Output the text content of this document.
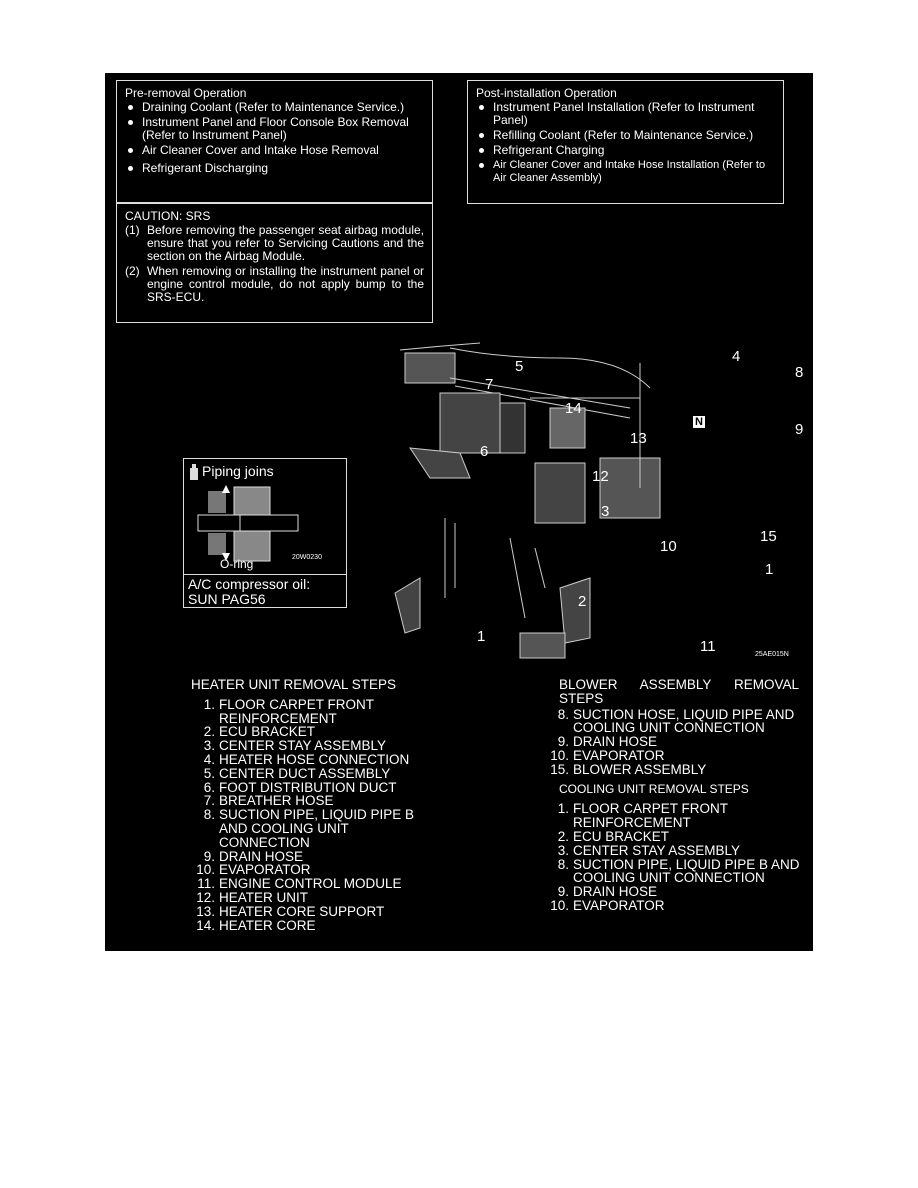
Pre-removal Operation
Draining Coolant (Refer to Maintenance Service.)
Instrument Panel and Floor Console Box Removal (Refer to Instrument Panel)
Air Cleaner Cover and Intake Hose Removal
Refrigerant Discharging
CAUTION: SRS
(1) Before removing the passenger seat airbag module, ensure that you refer to Servicing Cautions and the section on the Airbag Module.
(2) When removing or installing the instrument panel or engine control module, do not apply bump to the SRS-ECU.
Post-installation Operation
Instrument Panel Installation (Refer to Instrument Panel)
Refilling Coolant (Refer to Maintenance Service.)
Refrigerant Charging
Air Cleaner Cover and Intake Hose Installation (Refer to Air Cleaner Assembly)
Piping joins
O-ring	20W0230
A/C compressor oil:
SUN PAG56
5
7
4
8
N	9
14
13
6
12
3
10
15
1
2
1
11	25AE015N
HEATER UNIT REMOVAL STEPS
1. FLOOR CARPET FRONT REINFORCEMENT
2. ECU BRACKET
3. CENTER STAY ASSEMBLY
4. HEATER HOSE CONNECTION
5. CENTER DUCT ASSEMBLY
6. FOOT DISTRIBUTION DUCT
7. BREATHER HOSE
8. SUCTION PIPE, LIQUID PIPE B AND COOLING UNIT CONNECTION
9. DRAIN HOSE
10. EVAPORATOR
11. ENGINE CONTROL MODULE
12. HEATER UNIT
13. HEATER CORE SUPPORT
14. HEATER CORE
BLOWER ASSEMBLY REMOVAL STEPS
8. SUCTION HOSE, LIQUID PIPE AND COOLING UNIT CONNECTION
9. DRAIN HOSE
10. EVAPORATOR
15. BLOWER ASSEMBLY
COOLING UNIT REMOVAL STEPS
1. FLOOR CARPET FRONT REINFORCEMENT
2. ECU BRACKET
3. CENTER STAY ASSEMBLY
8. SUCTION PIPE, LIQUID PIPE B AND COOLING UNIT CONNECTION
9. DRAIN HOSE
10. EVAPORATOR
